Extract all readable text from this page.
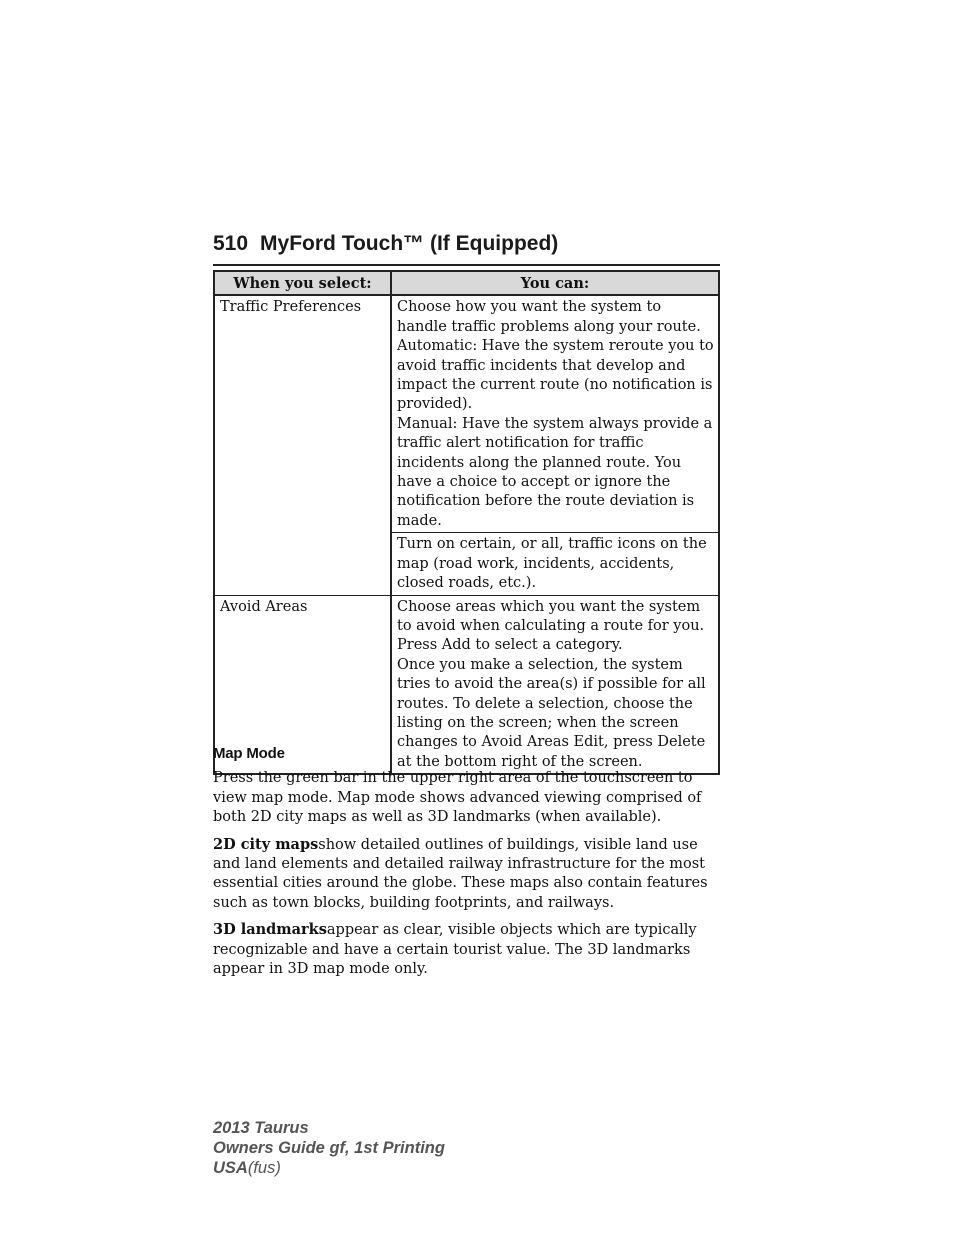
510 MyFord Touch™ (If Equipped)
When you select:	You can:
Traffic Preferences	Choose how you want the system to handle traffic problems along your route.

Automatic: Have the system reroute you to avoid traffic incidents that develop and impact the current route (no notification is provided).

Manual: Have the system always provide a traffic alert notification for traffic incidents along the planned route. You have a choice to accept or ignore the notification before the route deviation is made.

	Turn on certain, or all, traffic icons on the map (road work, incidents, accidents, closed roads, etc.).

Avoid Areas	Choose areas which you want the system to avoid when calculating a route for you. Press Add to select a category.

Once you make a selection, the system tries to avoid the area(s) if possible for all routes. To delete a selection, choose the listing on the screen; when the screen changes to Avoid Areas Edit, press Delete at the bottom right of the screen.

Map Mode

Press the green bar in the upper right area of the touchscreen to view map mode. Map mode shows advanced viewing comprised of both 2D city maps as well as 3D landmarks (when available).

2D city mapsshow detailed outlines of buildings, visible land use and land elements and detailed railway infrastructure for the most essential cities around the globe. These maps also contain features such as town blocks, building footprints, and railways.

3D landmarksappear as clear, visible objects which are typically recognizable and have a certain tourist value. The 3D landmarks appear in 3D map mode only.

2013 Taurus
Owners Guide gf, 1st Printing
USA(fus)
